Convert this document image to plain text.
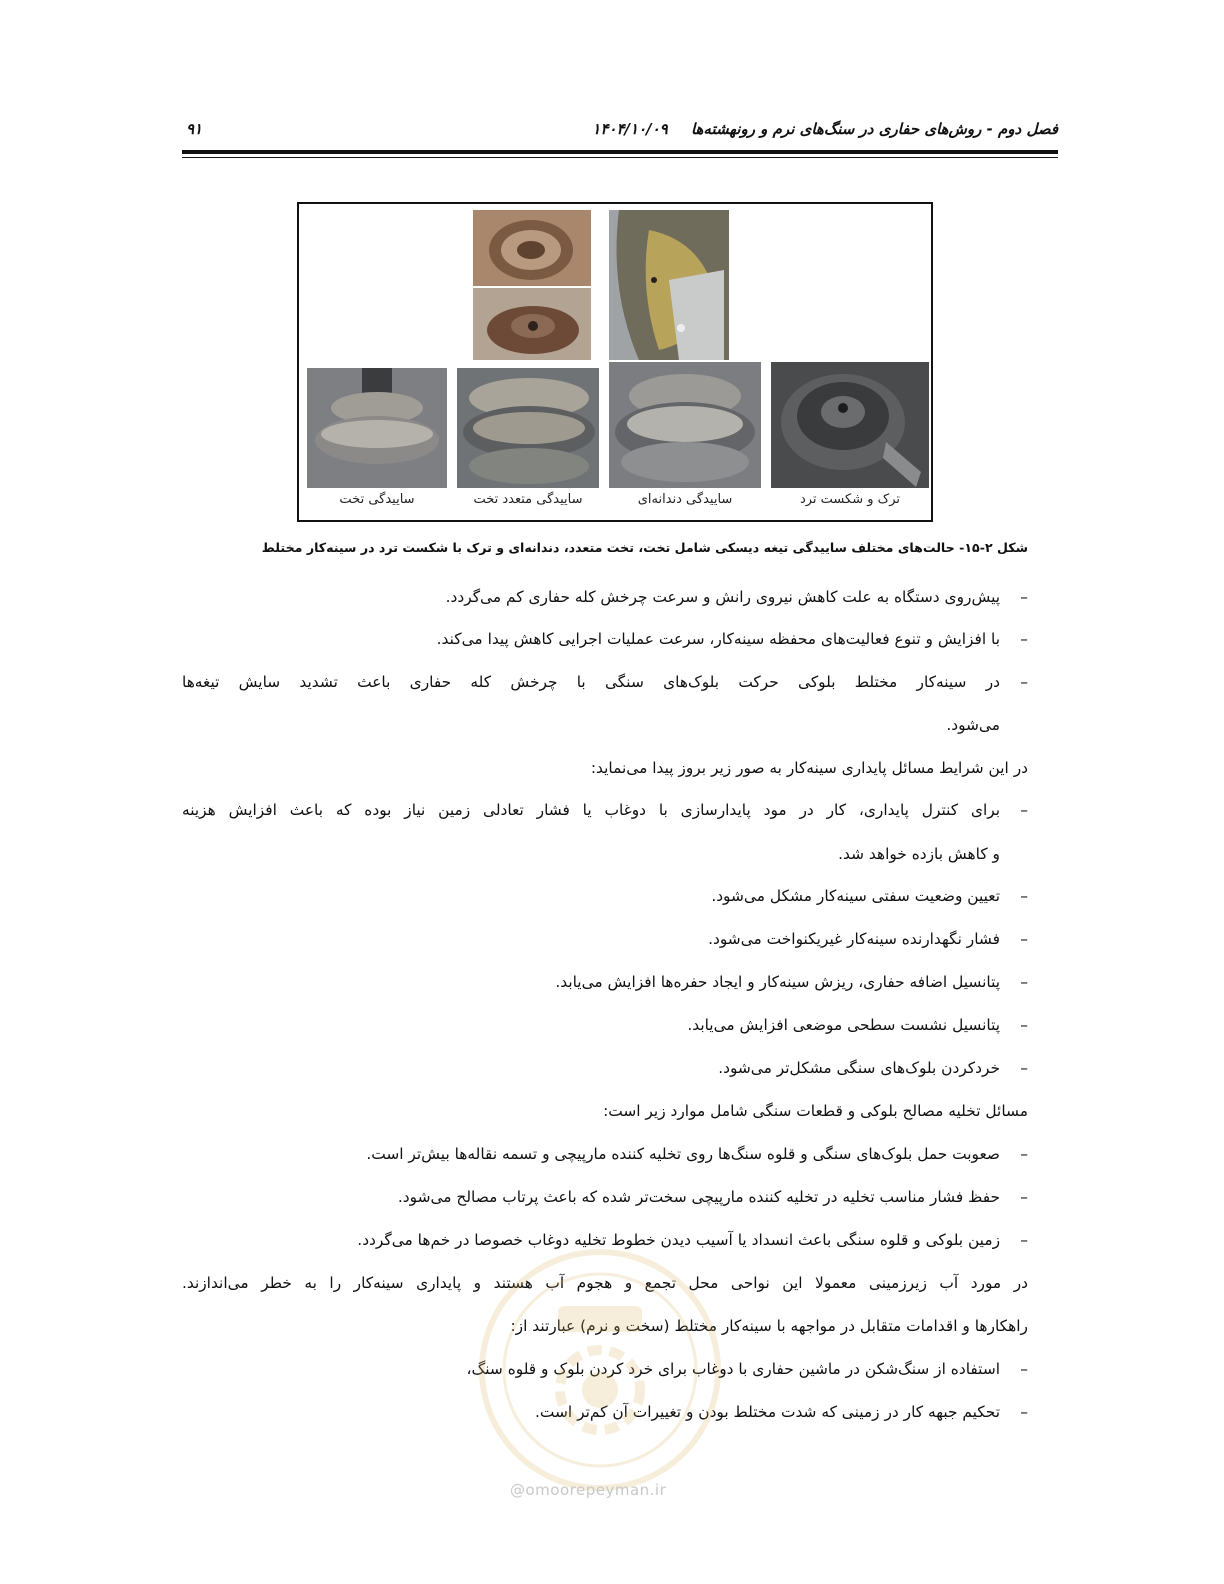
فصل دوم - روش‌های حفاری در سنگ‌های نرم و رونهشته‌ها ۱۴۰۴/۱۰/۰۹
۹۱
سایيدگی تخت	ساییدگی متعدد تخت	ساییدگی دندانه‌ای	ترک و شکست ترد
شکل ۲-۱۵- حالت‌های مختلف ساییدگی تیغه دیسکی شامل تخت، تخت متعدد، دندانه‌ای و ترک با شکست ترد در سینه‌کار مختلط
–
پیش‌روی دستگاه به علت کاهش نیروی رانش و سرعت چرخش کله حفاری کم می‌گردد.
–
با افزایش و تنوع فعالیت‌های محفظه سینه‌کار، سرعت عملیات اجرایی کاهش پیدا می‌کند.
–
در سینه‌کار مختلط بلوکی حرکت بلوک‌های سنگی با چرخش کله حفاری باعث تشدید سایش تیغه‌ها
می‌شود.
در این شرایط مسائل پایداری سینه‌کار به صور زیر بروز پیدا می‌نماید:
–
برای کنترل پایداری، کار در مود پایدارسازی با دوغاب یا فشار تعادلی زمین نیاز بوده که باعث افزایش هزینه
و کاهش بازده خواهد شد.
–
تعیین وضعیت سفتی سینه‌کار مشکل می‌شود.
–
فشار نگهدارنده سینه‌کار غیریکنواخت می‌شود.
–
پتانسیل اضافه حفاری، ریزش سینه‌کار و ایجاد حفره‌ها افزایش می‌یابد.
–
پتانسیل نشست سطحی موضعی افزایش می‌یابد.
–
خردکردن بلوک‌های سنگی مشکل‌تر می‌شود.
مسائل تخلیه مصالح بلوکی و قطعات سنگی شامل موارد زیر است:
–
صعوبت حمل بلوک‌های سنگی و قلوه سنگ‌ها روی تخلیه کننده مارپیچی و تسمه نقاله‌ها بیش‌تر است.
–
حفظ فشار مناسب تخلیه در تخلیه کننده مارپیچی سخت‌تر شده که باعث پرتاب مصالح می‌شود.
–
زمین بلوکی و قلوه سنگی باعث انسداد یا آسیب دیدن خطوط تخلیه دوغاب خصوصا در خم‌ها می‌گردد.
در مورد آب زیرزمینی معمولا این نواحی محل تجمع و هجوم آب هستند و پایداری سینه‌کار را به خطر می‌اندازند.
راهکارها و اقدامات متقابل در مواجهه با سینه‌کار مختلط (سخت و نرم) عبارتند از:
–
استفاده از سنگ‌شکن در ماشین حفاری با دوغاب برای خرد کردن بلوک و قلوه سنگ،
–
تحکیم جبهه کار در زمینی که شدت مختلط بودن و تغییرات آن کم‌تر است.
@omoorepeyman.ir
